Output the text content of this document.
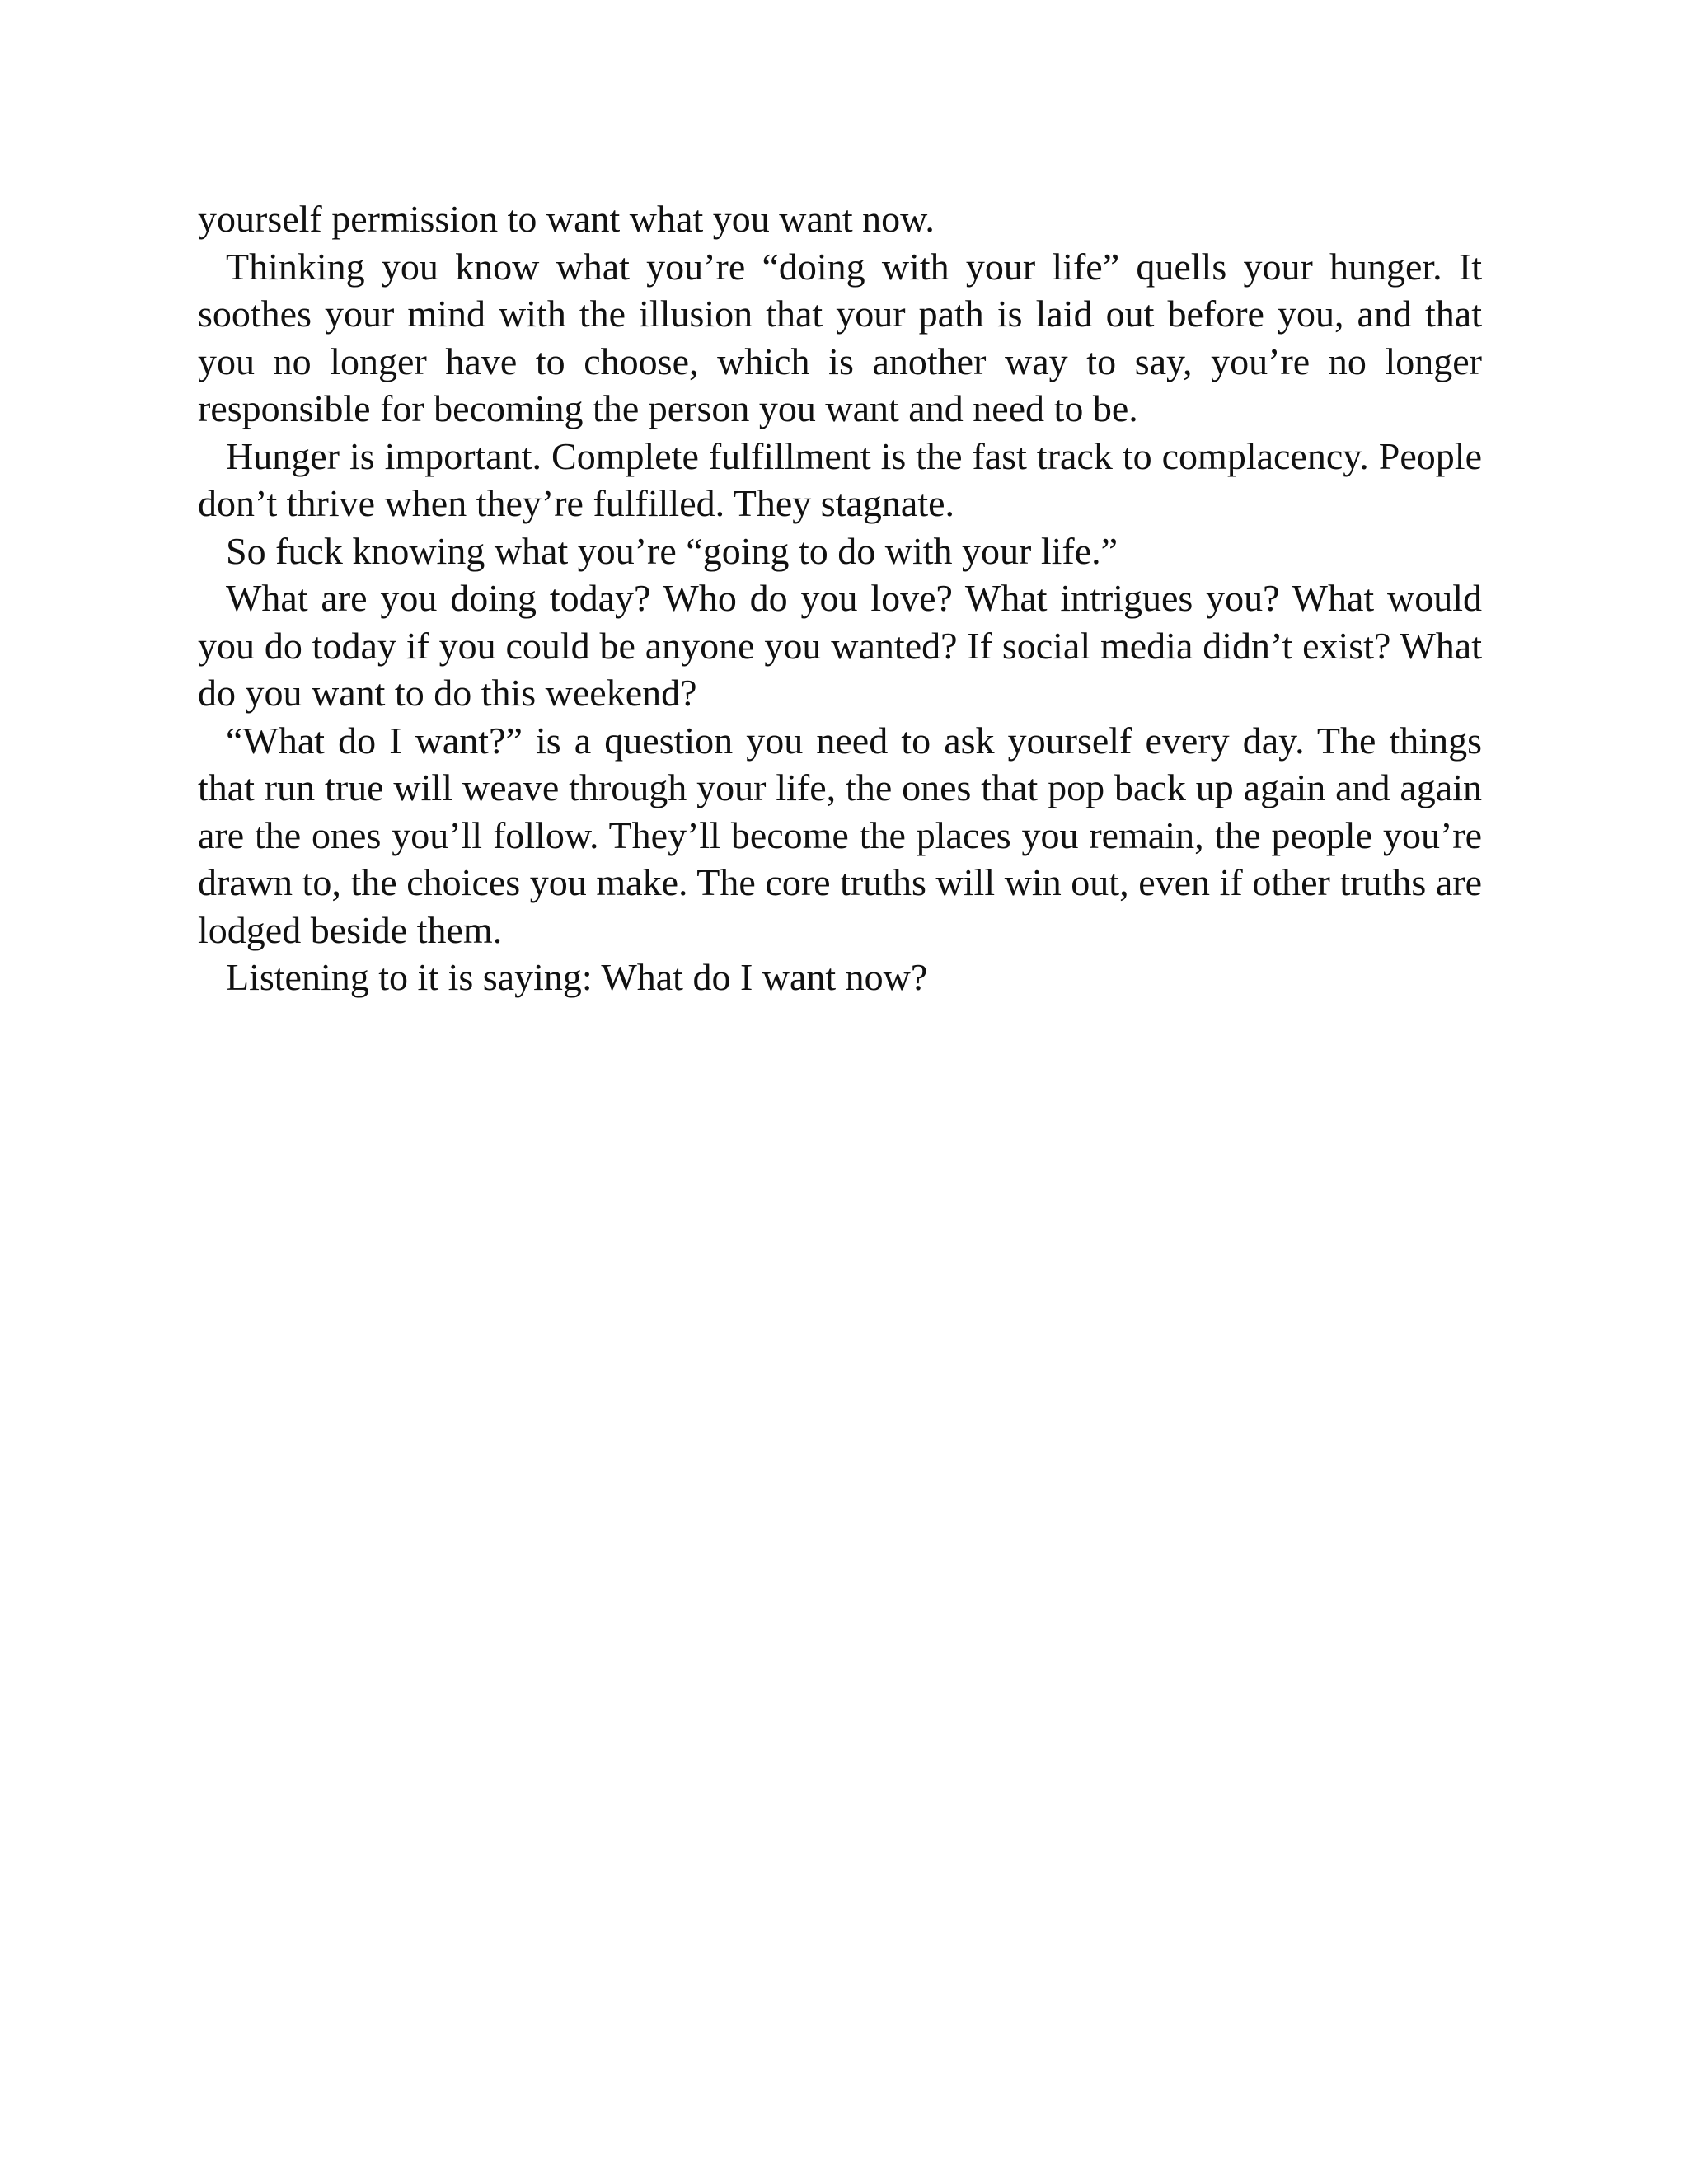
yourself permission to want what you want now.

Thinking you know what you’re “doing with your life” quells your hunger. It soothes your mind with the illusion that your path is laid out before you, and that you no longer have to choose, which is another way to say, you’re no longer responsible for becoming the person you want and need to be.

Hunger is important. Complete fulfillment is the fast track to complacency. People don’t thrive when they’re fulfilled. They stagnate.

So fuck knowing what you’re “going to do with your life.”

What are you doing today? Who do you love? What intrigues you? What would you do today if you could be anyone you wanted? If social media didn’t exist? What do you want to do this weekend?

“What do I want?” is a question you need to ask yourself every day. The things that run true will weave through your life, the ones that pop back up again and again are the ones you’ll follow. They’ll become the places you remain, the people you’re drawn to, the choices you make. The core truths will win out, even if other truths are lodged beside them.

Listening to it is saying: What do I want now?
